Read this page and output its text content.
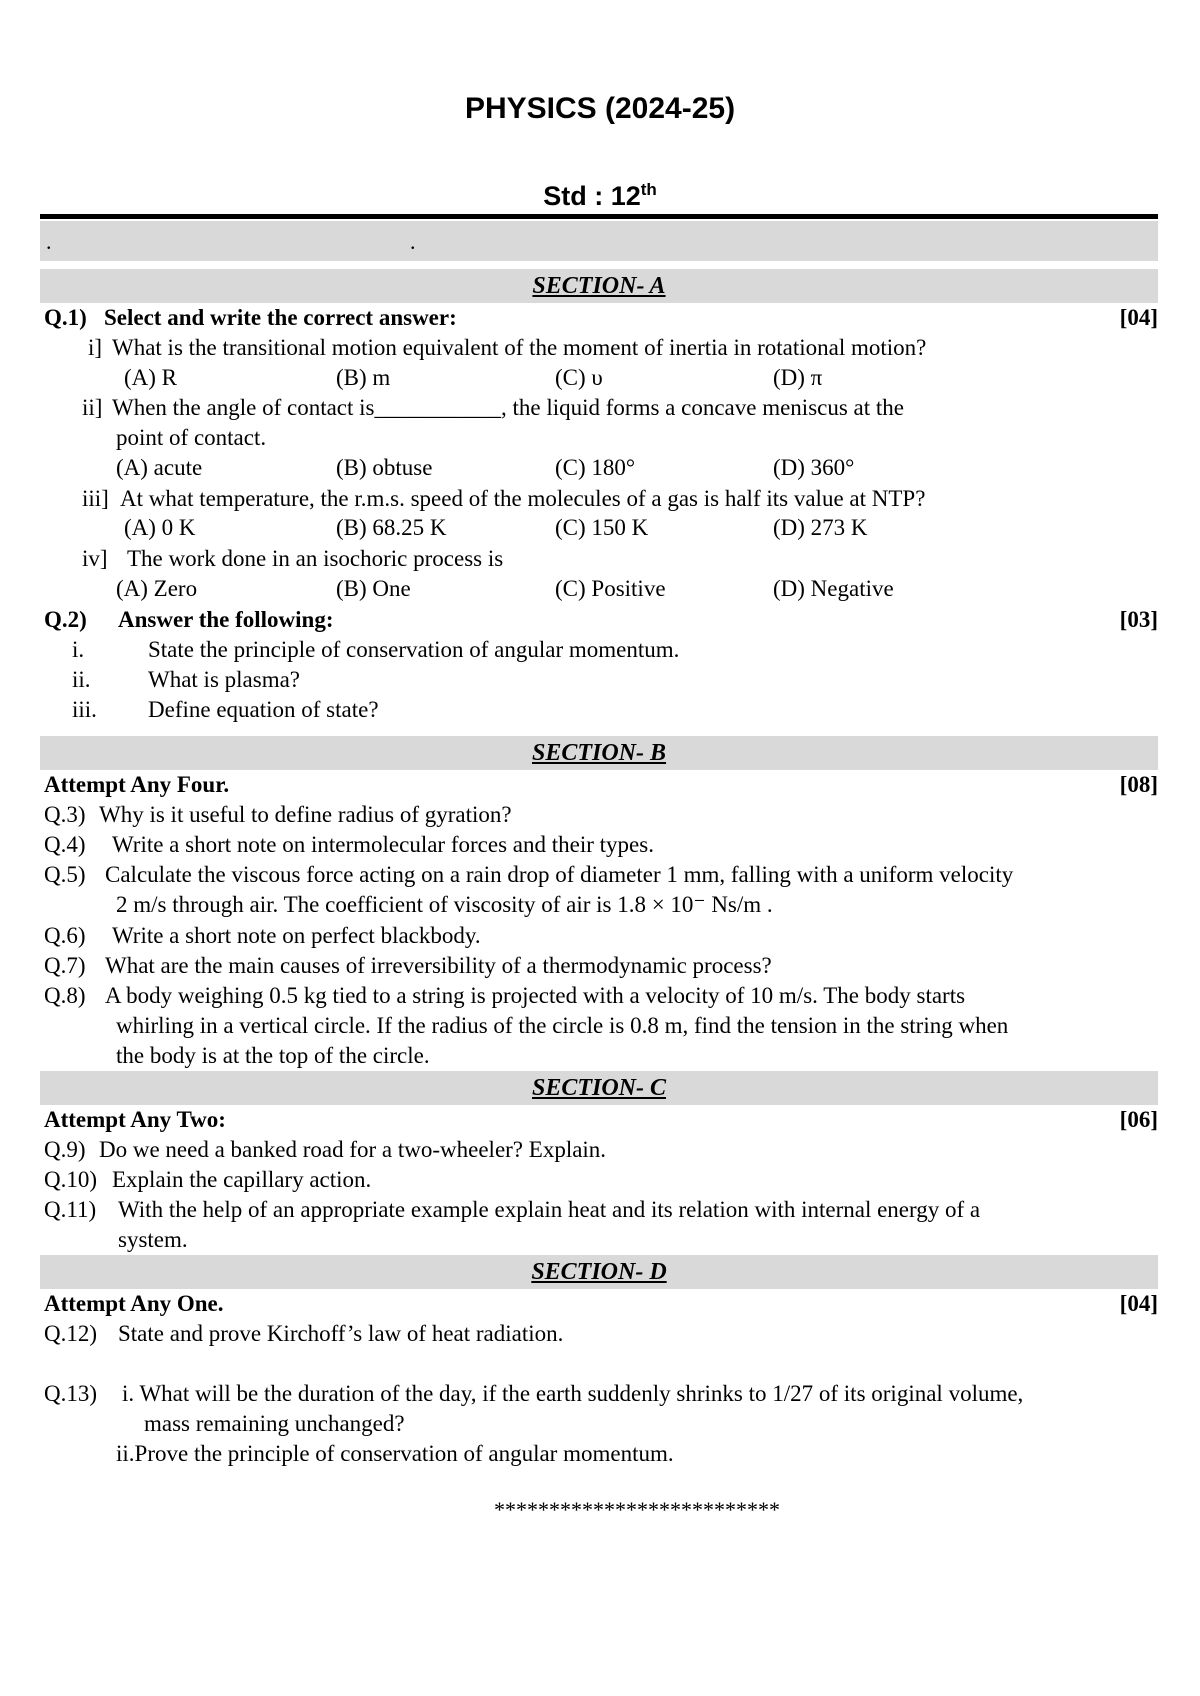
PHYSICS (2024-25)
Std : 12th
.	.
SECTION- A
Q.1) Select and write the correct answer:	[04]
i] What is the transitional motion equivalent of the moment of inertia in rotational motion?
(A) R	(B) m	(C) υ	(D) π
ii] When the angle of contact is___________, the liquid forms a concave meniscus at the
point of contact.
(A) acute	(B) obtuse	(C) 180°	(D) 360°
iii] At what temperature, the r.m.s. speed of the molecules of a gas is half its value at NTP?
(A) 0 K	(B) 68.25 K	(C) 150 K	(D) 273 K
iv] The work done in an isochoric process is
(A) Zero	(B) One	(C) Positive	(D) Negative
Q.2) Answer the following:	[03]
i.	State the principle of conservation of angular momentum.
ii. What is plasma?
iii. Define equation of state?
SECTION- B
Attempt Any Four.	[08]
Q.3) Why is it useful to define radius of gyration?
Q.4) Write a short note on intermolecular forces and their types.
Q.5) Calculate the viscous force acting on a rain drop of diameter 1 mm, falling with a uniform velocity
2 m/s through air. The coefficient of viscosity of air is 1.8 × 10⁻ Ns/m .
Q.6) Write a short note on perfect blackbody.
Q.7) What are the main causes of irreversibility of a thermodynamic process?
Q.8) A body weighing 0.5 kg tied to a string is projected with a velocity of 10 m/s. The body starts
whirling in a vertical circle. If the radius of the circle is 0.8 m, find the tension in the string when
the body is at the top of the circle.
SECTION- C
Attempt Any Two:	[06]
Q.9) Do we need a banked road for a two-wheeler? Explain.
Q.10) Explain the capillary action.
Q.11) With the help of an appropriate example explain heat and its relation with internal energy of a
system.
SECTION- D
Attempt Any One.	[04]
Q.12) State and prove Kirchoff’s law of heat radiation.
Q.13) i. What will be the duration of the day, if the earth suddenly shrinks to 1/27 of its original volume,
mass remaining unchanged?
ii.Prove the principle of conservation of angular momentum.
**************************
